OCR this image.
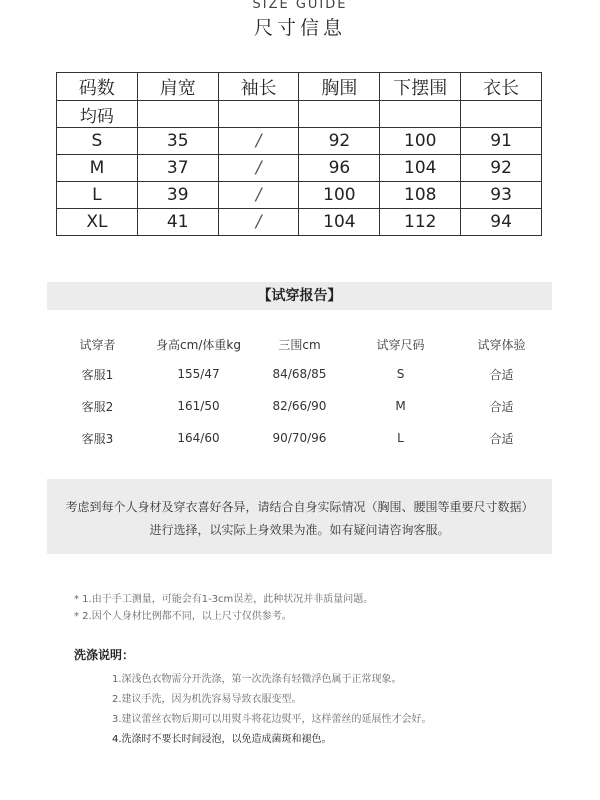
SIZE GUIDE
尺寸信息
码数	肩宽	袖长	胸围	下摆围	衣长
均码					
S	35	/	92	100	91
M	37	/	96	104	92
L	39	/	100	108	93
XL	41	/	104	112	94
【试穿报告】
试穿者	身高cm/体重kg	三围cm	试穿尺码	试穿体验
客服1	155/47	84/68/85	S	合适
客服2	161/50	82/66/90	M	合适
客服3	164/60	90/70/96	L	合适

考虑到每个人身材及穿衣喜好各异，请结合自身实际情况（胸围、腰围等重要尺寸数据）

进行选择，以实际上身效果为准。如有疑问请咨询客服。

* 1.由于手工测量，可能会有1-3cm误差，此种状况并非质量问题。
* 2.因个人身材比例都不同，以上尺寸仅供参考。
洗涤说明：
1.深浅色衣物需分开洗涤，第一次洗涤有轻微浮色属于正常现象。
2.建议手洗，因为机洗容易导致衣服变型。
3.建议蕾丝衣物后期可以用熨斗将花边熨平，这样蕾丝的延展性才会好。
4.洗涤时不要长时间浸泡，以免造成菌斑和褪色。
